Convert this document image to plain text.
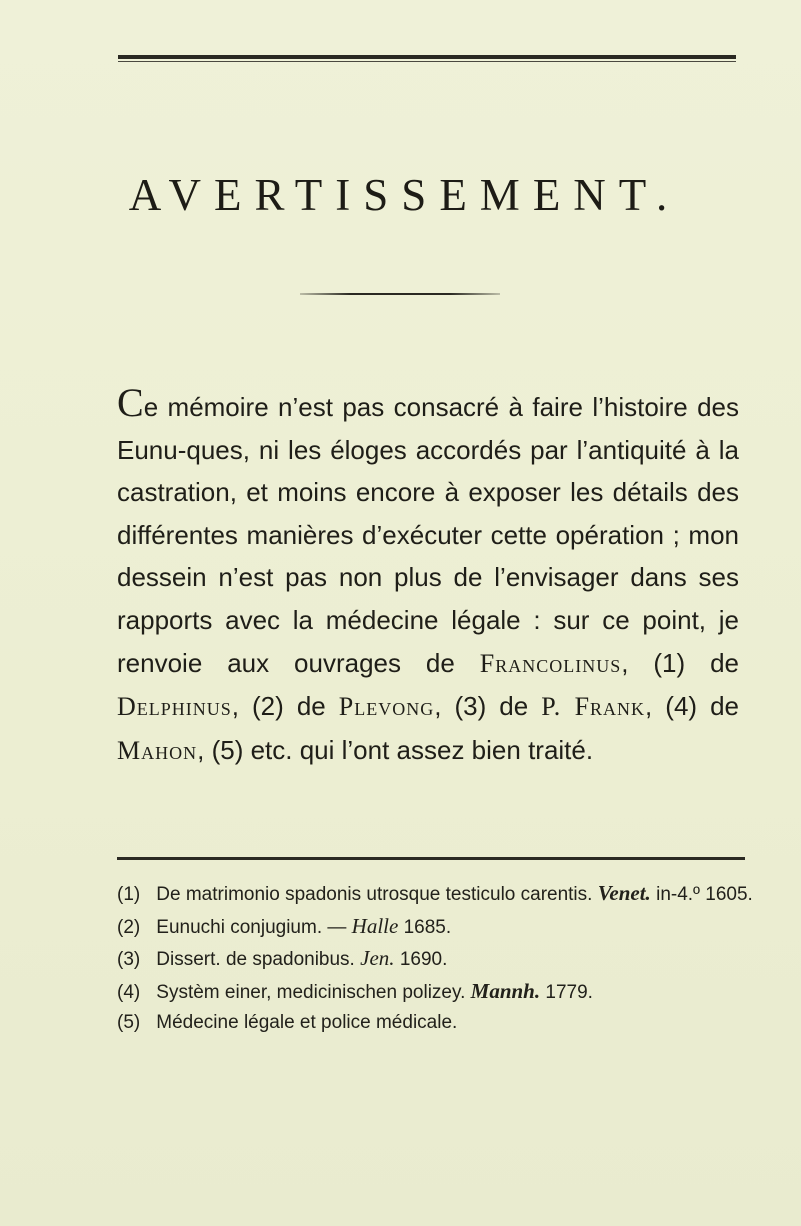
AVERTISSEMENT.
Ce mémoire n’est pas consacré à faire l’histoire des Eunu-ques, ni les éloges accordés par l’antiquité à la castration, et moins encore à exposer les détails des différentes manières d’exécuter cette opération ; mon dessein n’est pas non plus de l’envisager dans ses rapports avec la médecine légale : sur ce point, je renvoie aux ouvrages de Francolinus, (1) de Delphinus, (2) de Plevong, (3) de P. Frank, (4) de Mahon, (5) etc. qui l’ont assez bien traité.
(1) De matrimonio spadonis utrosque testiculo carentis. Venet. in-4.º 1605.
(2) Eunuchi conjugium. — Halle 1685.
(3) Dissert. de spadonibus. Jen. 1690.
(4) Systèm einer, medicinischen polizey. Mannh. 1779.
(5) Médecine légale et police médicale.
